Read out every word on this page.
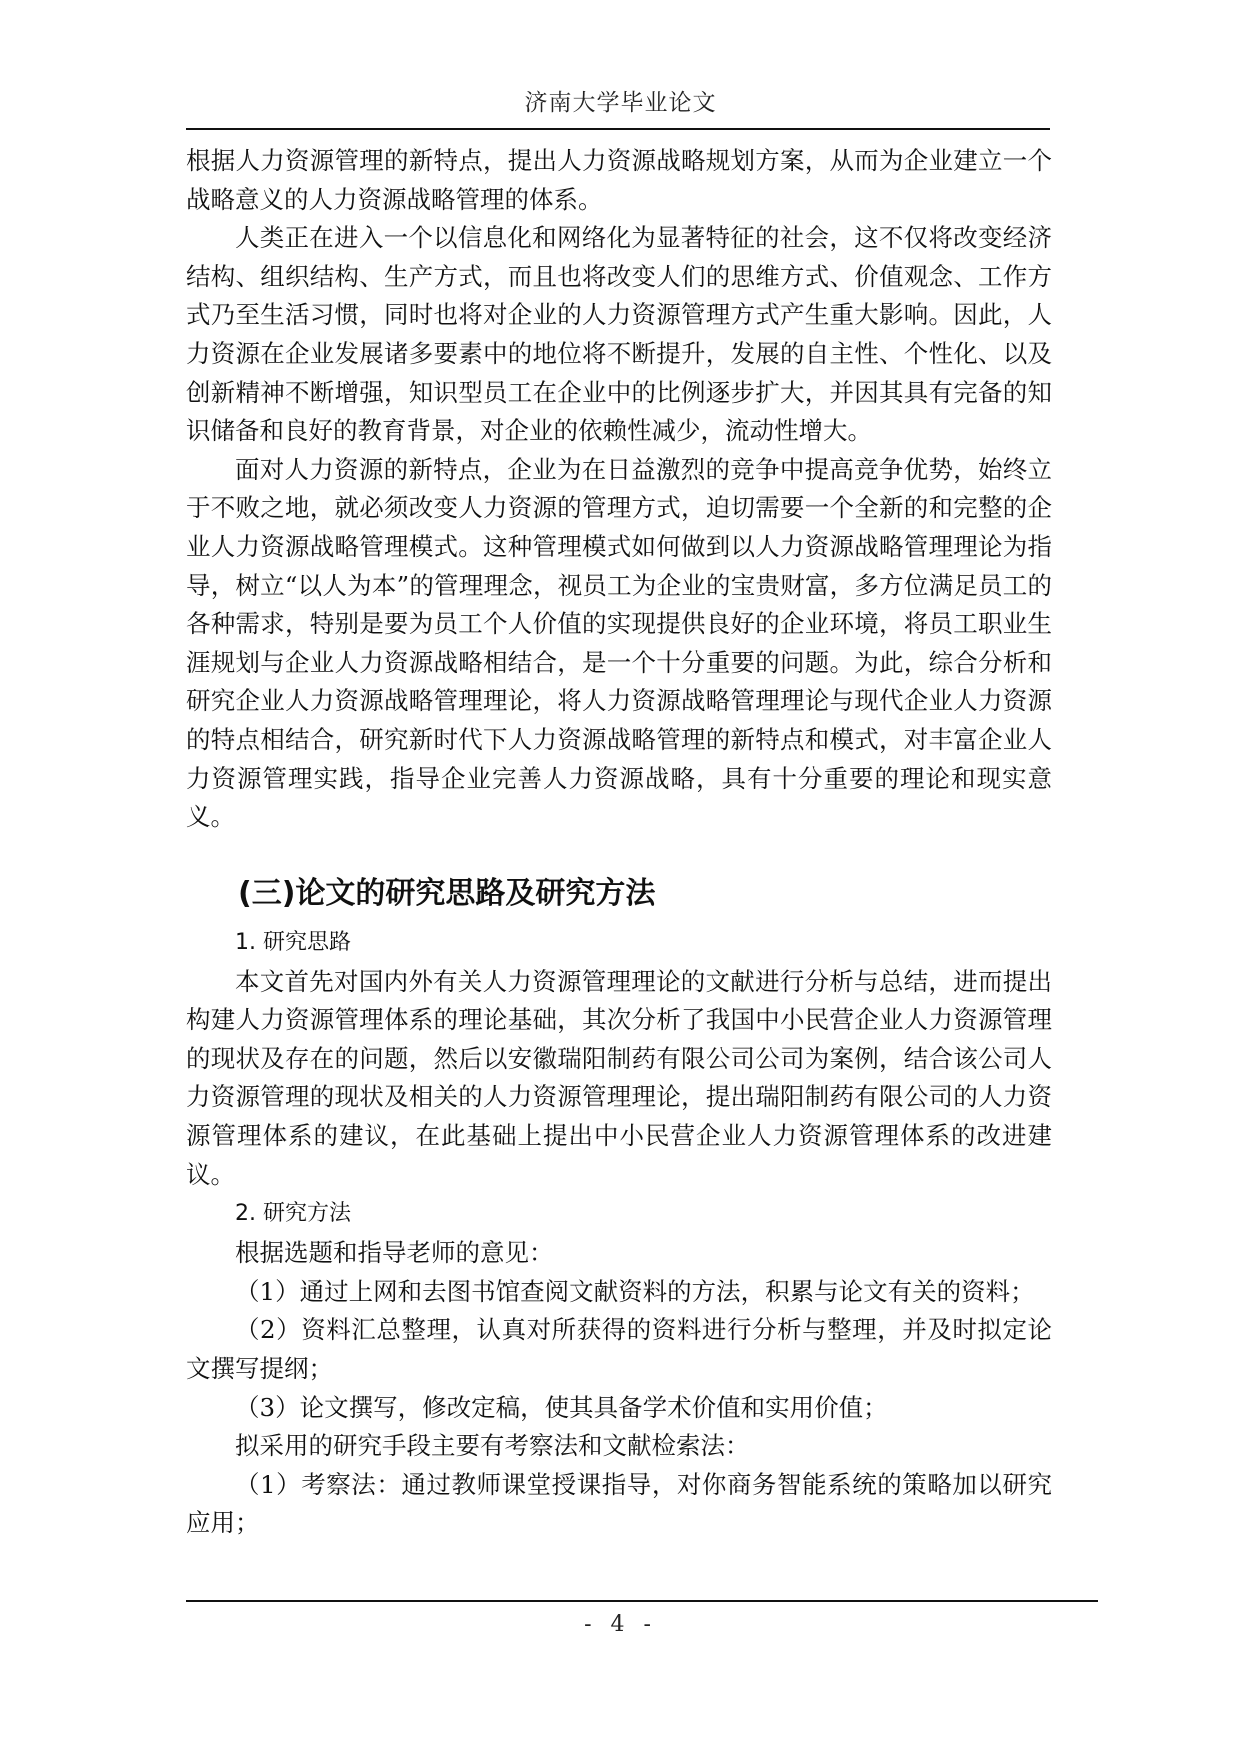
济南大学毕业论文

根据人力资源管理的新特点，提出人力资源战略规划方案，从而为企业建立一个战略意义的人力资源战略管理的体系。

人类正在进入一个以信息化和网络化为显著特征的社会，这不仅将改变经济结构、组织结构、生产方式，而且也将改变人们的思维方式、价值观念、工作方式乃至生活习惯，同时也将对企业的人力资源管理方式产生重大影响。因此，人力资源在企业发展诸多要素中的地位将不断提升，发展的自主性、个性化、以及创新精神不断增强，知识型员工在企业中的比例逐步扩大，并因其具有完备的知识储备和良好的教育背景，对企业的依赖性减少，流动性增大。

面对人力资源的新特点，企业为在日益激烈的竞争中提高竞争优势，始终立于不败之地，就必须改变人力资源的管理方式，迫切需要一个全新的和完整的企业人力资源战略管理模式。这种管理模式如何做到以人力资源战略管理理论为指导，树立“以人为本”的管理理念，视员工为企业的宝贵财富，多方位满足员工的各种需求，特别是要为员工个人价值的实现提供良好的企业环境，将员工职业生涯规划与企业人力资源战略相结合，是一个十分重要的问题。为此，综合分析和研究企业人力资源战略管理理论，将人力资源战略管理理论与现代企业人力资源的特点相结合，研究新时代下人力资源战略管理的新特点和模式，对丰富企业人力资源管理实践，指导企业完善人力资源战略，具有十分重要的理论和现实意义。

(三)论文的研究思路及研究方法
1. 研究思路

本文首先对国内外有关人力资源管理理论的文献进行分析与总结，进而提出构建人力资源管理体系的理论基础，其次分析了我国中小民营企业人力资源管理的现状及存在的问题，然后以安徽瑞阳制药有限公司公司为案例，结合该公司人力资源管理的现状及相关的人力资源管理理论，提出瑞阳制药有限公司的人力资源管理体系的建议，在此基础上提出中小民营企业人力资源管理体系的改进建议。

2. 研究方法

根据选题和指导老师的意见：

（1）通过上网和去图书馆查阅文献资料的方法，积累与论文有关的资料；

（2）资料汇总整理，认真对所获得的资料进行分析与整理，并及时拟定论文撰写提纲；

（3）论文撰写，修改定稿，使其具备学术价值和实用价值；

拟采用的研究手段主要有考察法和文献检索法：

（1）考察法：通过教师课堂授课指导，对你商务智能系统的策略加以研究应用；

- 4 -
